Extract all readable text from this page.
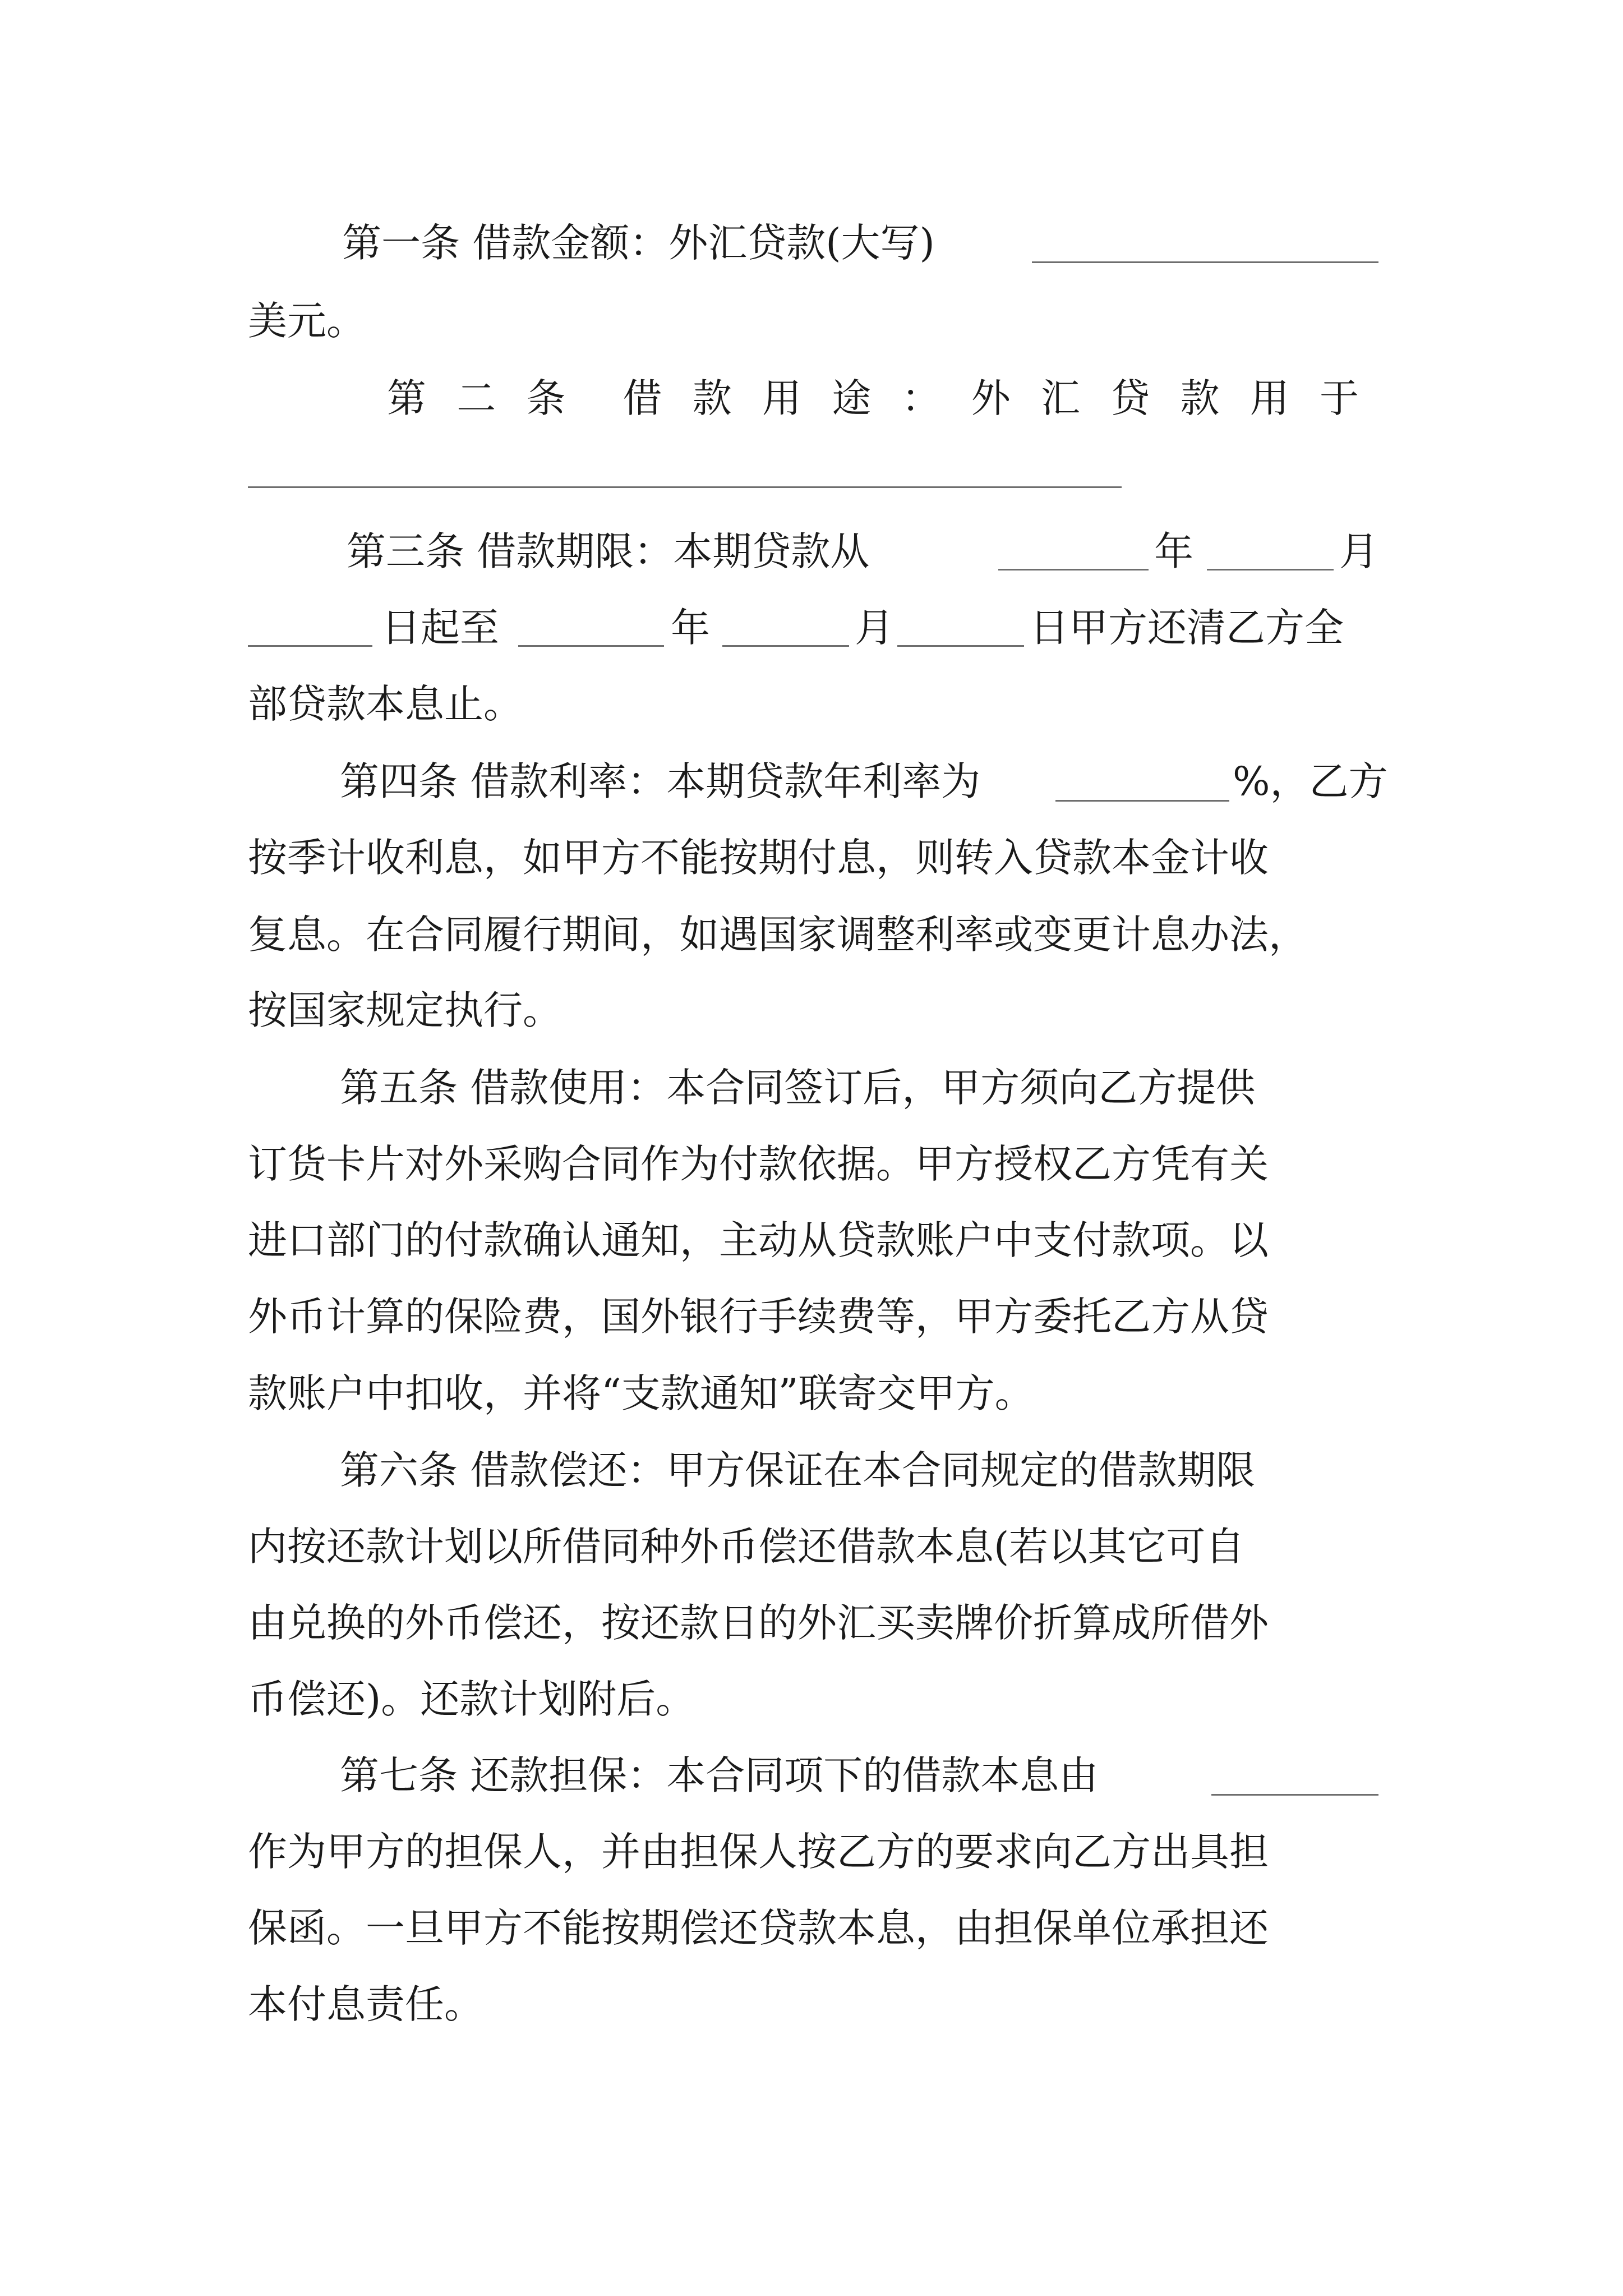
第一条 借款金额：外汇贷款(大写)
美元。
第 二 条　借 款 用 途 ： 外 汇 贷 款 用 于
第三条 借款期限：本期贷款从	年	月
日起至	年	月	日甲方还清乙方全
部贷款本息止。
第四条 借款利率：本期贷款年利率为	%，乙方
按季计收利息，如甲方不能按期付息，则转入贷款本金计收
复息。在合同履行期间，如遇国家调整利率或变更计息办法，
按国家规定执行。
第五条 借款使用：本合同签订后，甲方须向乙方提供
订货卡片对外采购合同作为付款依据。甲方授权乙方凭有关
进口部门的付款确认通知，主动从贷款账户中支付款项。以
外币计算的保险费，国外银行手续费等，甲方委托乙方从贷
款账户中扣收，并将“支款通知”联寄交甲方。
第六条 借款偿还：甲方保证在本合同规定的借款期限
内按还款计划以所借同种外币偿还借款本息(若以其它可自
由兑换的外币偿还，按还款日的外汇买卖牌价折算成所借外
币偿还)。还款计划附后。
第七条 还款担保：本合同项下的借款本息由
作为甲方的担保人，并由担保人按乙方的要求向乙方出具担
保函。一旦甲方不能按期偿还贷款本息，由担保单位承担还
本付息责任。
